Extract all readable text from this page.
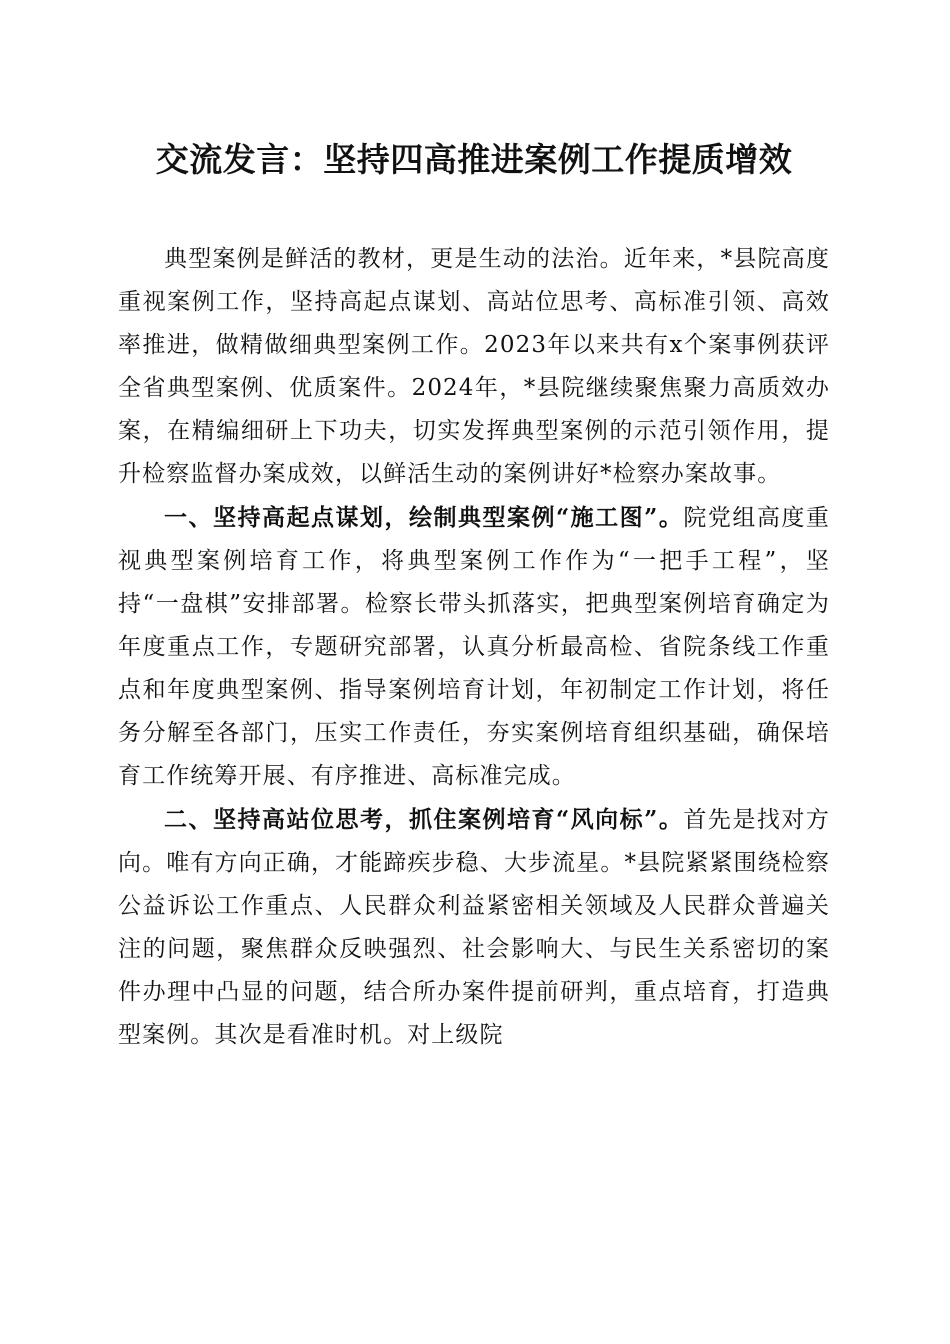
交流发言：坚持四高推进案例工作提质增效

典型案例是鲜活的教材，更是生动的法治。近年来，*县院高度重视案例工作，坚持高起点谋划、高站位思考、高标准引领、高效率推进，做精做细典型案例工作。2023年以来共有x个案事例获评全省典型案例、优质案件。2024年，*县院继续聚焦聚力高质效办案，在精编细研上下功夫，切实发挥典型案例的示范引领作用，提升检察监督办案成效，以鲜活生动的案例讲好*检察办案故事。

一、坚持高起点谋划，绘制典型案例“施工图”。院党组高度重视典型案例培育工作，将典型案例工作作为“一把手工程”，坚持“一盘棋”安排部署。检察长带头抓落实，把典型案例培育确定为年度重点工作，专题研究部署，认真分析最高检、省院条线工作重点和年度典型案例、指导案例培育计划，年初制定工作计划，将任务分解至各部门，压实工作责任，夯实案例培育组织基础，确保培育工作统筹开展、有序推进、高标准完成。

二、坚持高站位思考，抓住案例培育“风向标”。首先是找对方向。唯有方向正确，才能蹄疾步稳、大步流星。*县院紧紧围绕检察公益诉讼工作重点、人民群众利益紧密相关领域及人民群众普遍关注的问题，聚焦群众反映强烈、社会影响大、与民生关系密切的案件办理中凸显的问题，结合所办案件提前研判，重点培育，打造典型案例。其次是看准时机。对上级院
